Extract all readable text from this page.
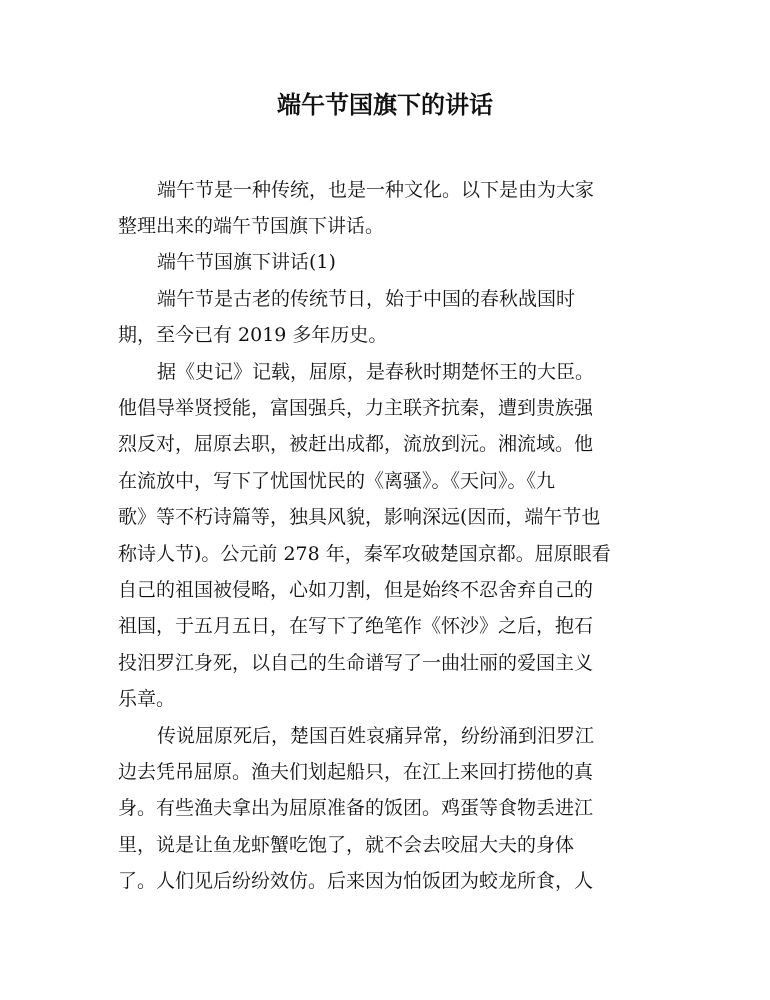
端午节国旗下的讲话

端午节是一种传统，也是一种文化。以下是由为大家

整理出来的端午节国旗下讲话。

端午节国旗下讲话(1)

端午节是古老的传统节日，始于中国的春秋战国时

期，至今已有 2019 多年历史。

据《史记》记载，屈原，是春秋时期楚怀王的大臣。

他倡导举贤授能，富国强兵，力主联齐抗秦，遭到贵族强

烈反对，屈原去职，被赶出成都，流放到沅。湘流域。他

在流放中，写下了忧国忧民的《离骚》。《天问》。《九

歌》等不朽诗篇等，独具风貌，影响深远(因而，端午节也

称诗人节)。公元前 278 年，秦军攻破楚国京都。屈原眼看

自己的祖国被侵略，心如刀割，但是始终不忍舍弃自己的

祖国，于五月五日，在写下了绝笔作《怀沙》之后，抱石

投汨罗江身死，以自己的生命谱写了一曲壮丽的爱国主义

乐章。

传说屈原死后，楚国百姓哀痛异常，纷纷涌到汨罗江

边去凭吊屈原。渔夫们划起船只，在江上来回打捞他的真

身。有些渔夫拿出为屈原准备的饭团。鸡蛋等食物丢进江

里，说是让鱼龙虾蟹吃饱了，就不会去咬屈大夫的身体

了。人们见后纷纷效仿。后来因为怕饭团为蛟龙所食，人
